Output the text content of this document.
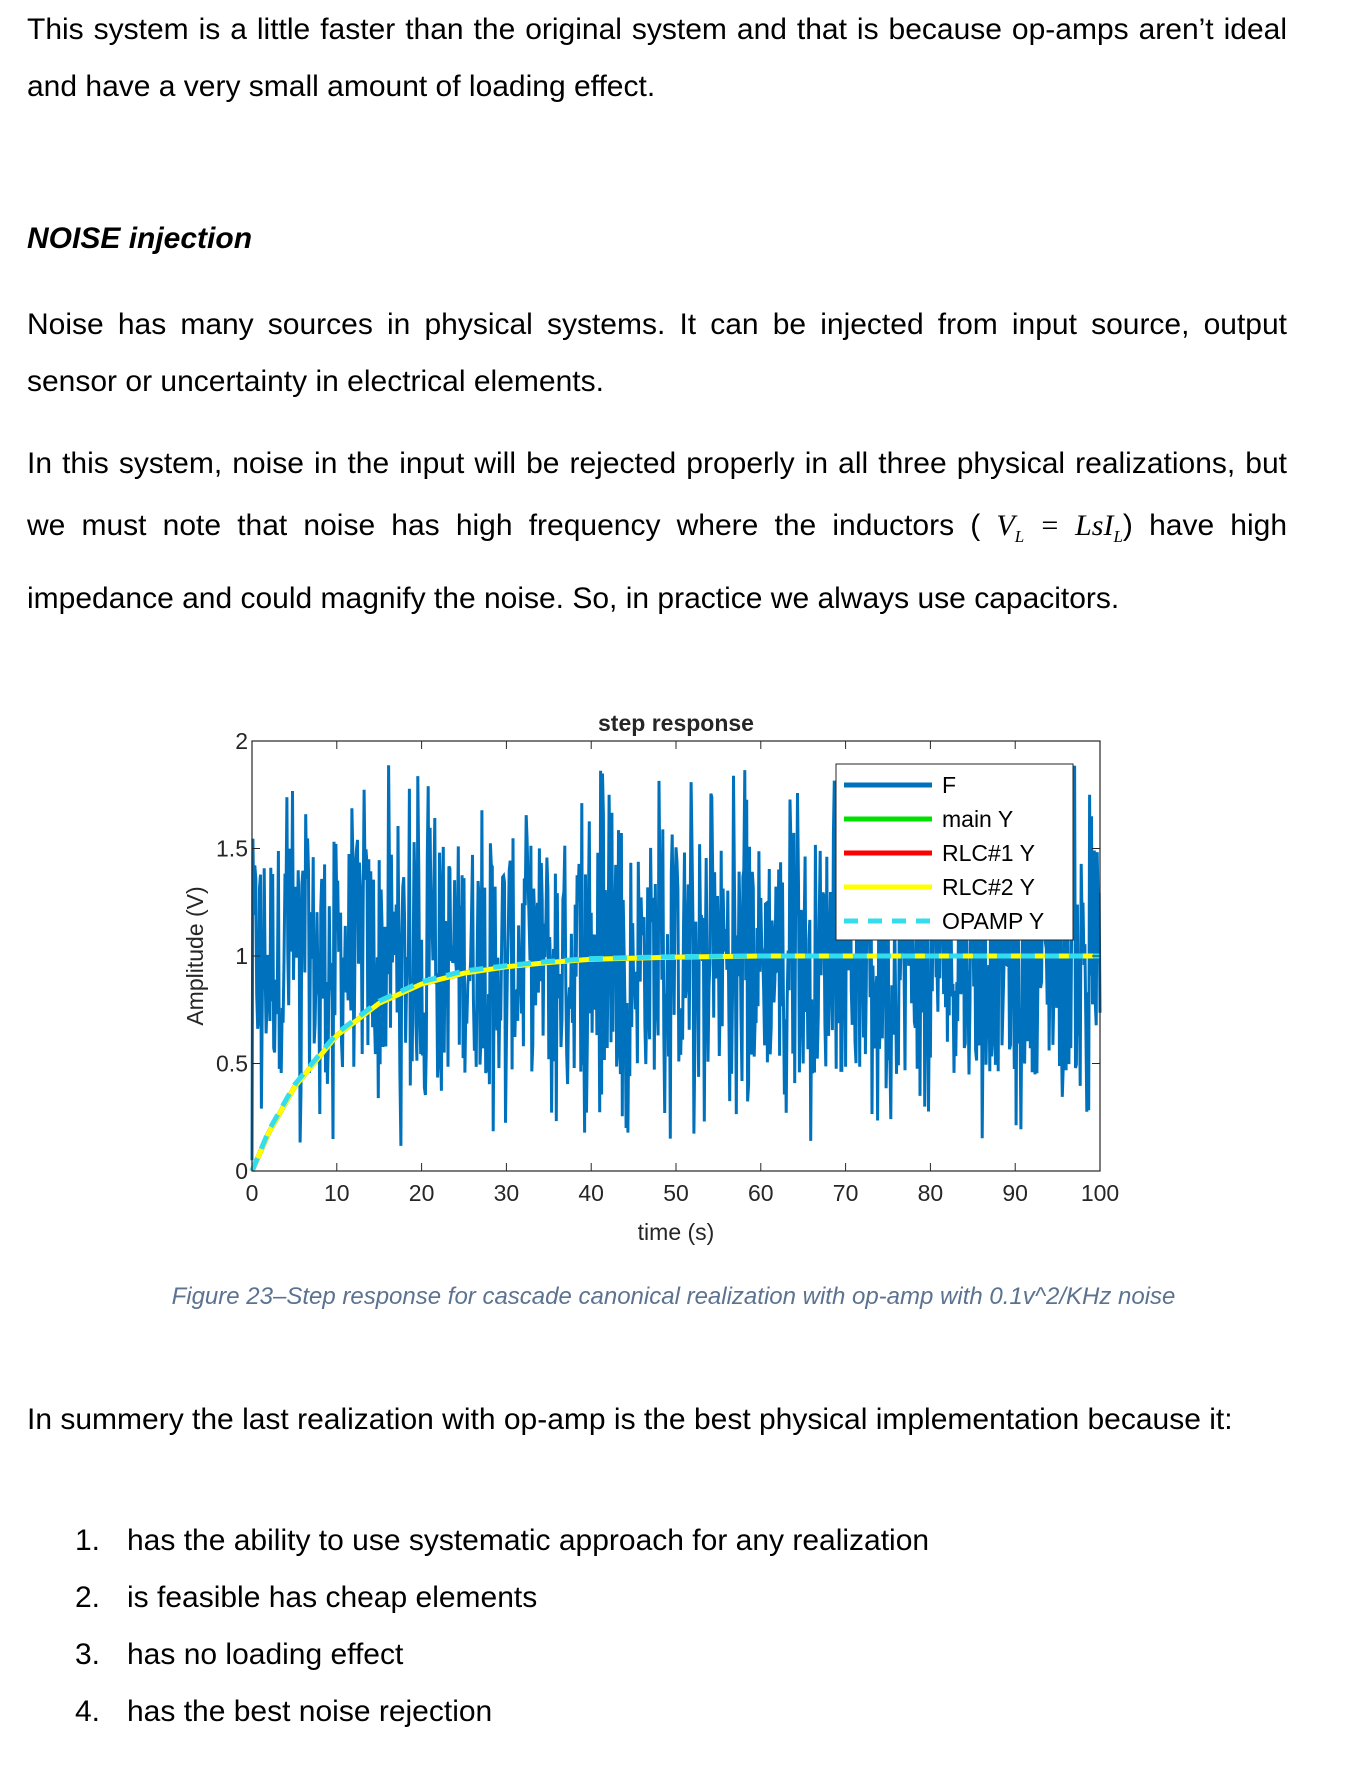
This system is a little faster than the original system and that is because op-amps aren’t ideal and have a very small amount of loading effect.

NOISE injection

Noise has many sources in physical systems. It can be injected from input source, output sensor or uncertainty in electrical elements.

In this system, noise in the input will be rejected properly in all three physical realizations, but we must note that noise has high frequency where the inductors ( $V_L = LsI_L$) have high impedance and could magnify the noise. So, in practice we always use capacitors.

0	10	20	30	40	50	60	70	80	90 100
0
0.5
1
1.5
2
step response
time (s)
Amplitude (V)
F
main Y
RLC#1 Y
RLC#2 Y
OPAMP Y
Figure 23–Step response for cascade canonical realization with op-amp with 0.1v^2/KHz noise

In summery the last realization with op-amp is the best physical implementation because it:

1. has the ability to use systematic approach for any realization
2. is feasible has cheap elements
3. has no loading effect
4. has the best noise rejection
